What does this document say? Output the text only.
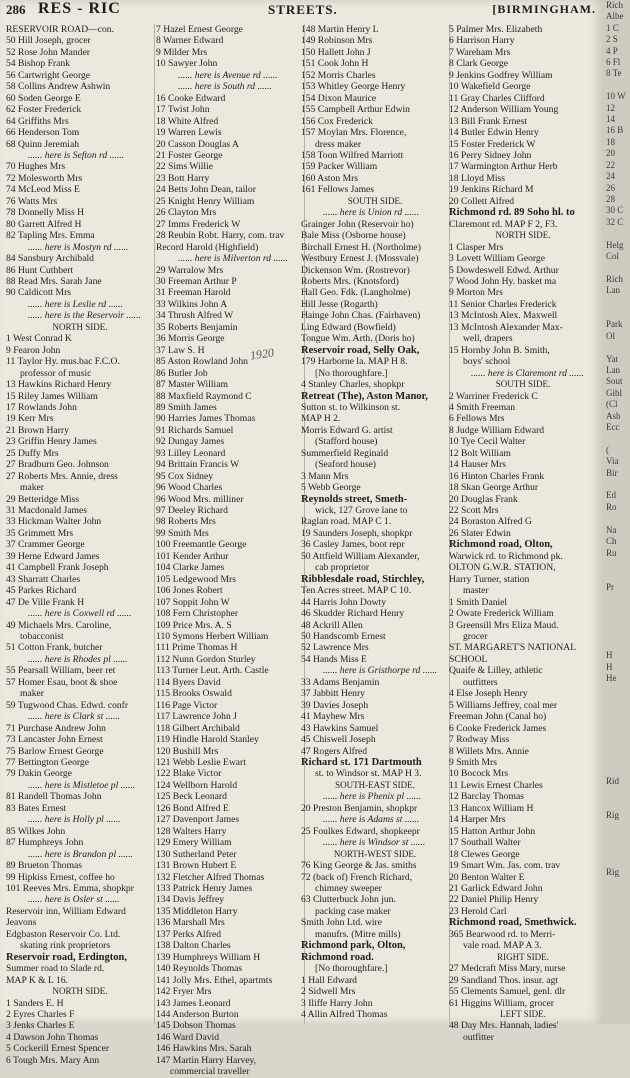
286 RES - RIC	STREETS.	[BIRMINGHAM.
1920
RESERVOIR ROAD—con.
50 Hill Joseph, grocer
52 Rose John Mander
54 Bishop Frank
56 Cartwright George
58 Collins Andrew Ashwin
60 Soden George E
62 Foster Frederick
64 Griffiths Mrs
66 Henderson Tom
68 Quinn Jeremiah
...... here is Sefton rd ......
70 Hughes Mrs
72 Molesworth Mrs
74 McLeod Miss E
76 Watts Mrs
78 Donnelly Miss H
80 Garrett Alfred H
82 Tapling Mrs. Emma
...... here is Mostyn rd ......
84 Sansbury Archibald
86 Hunt Cuthbert
88 Read Mrs. Sarah Jane
90 Caldicott Mrs
...... here is Leslie rd ......
...... here is the Reservoir ......
NORTH SIDE.
1 West Conrad K
9 Fearon John
11 Taylor Hy. mus.bac F.C.O.
professor of music
13 Hawkins Richard Henry
15 Riley James William
17 Rowlands John
19 Kerr Mrs
21 Brown Harry
23 Griffin Henry James
25 Duffy Mrs
27 Bradburn Geo. Johnson
27 Roberts Mrs. Annie, dress
maker
29 Betteridge Miss
31 Macdonald James
33 Hickman Walter John
35 Grimmett Mrs
37 Crammer George
39 Herne Edward James
41 Campbell Frank Joseph
43 Sharratt Charles
45 Parkes Richard
47 De Ville Frank H
...... here is Coxwell rd ......
49 Michaels Mrs. Caroline,
tobacconist
51 Cotton Frank, butcher
...... here is Rhodes pl ......
55 Pearsall William, beer ret
57 Homer Esau, boot & shoe
maker
59 Tugwood Chas. Edwd. confr
...... here is Clark st ......
71 Purchase Andrew John
73 Lancaster John Ernest
75 Barlow Ernest George
77 Bettington George
79 Dakin George
...... here is Mistletoe pl ......
81 Randell Thomas John
83 Bates Ernest
...... here is Holly pl ......
85 Wilkes John
87 Humphreys John
...... here is Brandon pl ......
89 Brueton Thomas
99 Hipkiss Ernest, coffee ho
101 Reeves Mrs. Emma, shopkpr
...... here is Osler st ......
Reservoir inn, William Edward
Jeavons
Edgbaston Reservoir Co. Ltd.
skating rink proprietors
Reservoir road, Erdington,
Summer road to Slade rd.
MAP K & L 16.
NORTH SIDE.
1 Sanders E. H
2 Eyres Charles F
3 Jenks Charles E
4 Dawson John Thomas
5 Cockerill Ernest Spencer
6 Tough Mrs. Mary Ann
7 Hazel Ernest George
8 Warner Edward
9 Milder Mrs
10 Sawyer John
...... here is Avenue rd ......
...... here is South rd ......
16 Cooke Edward
17 Twist John
18 White Alfred
19 Warren Lewis
20 Casson Douglas A
21 Foster George
22 Sims Willie
23 Bott Harry
24 Betts John Dean, tailor
25 Knight Henry William
26 Clayton Mrs
27 Imms Frederick W
28 Reubin Robt. Harry, com. trav
Record Harold (Highfield)
...... here is Milverton rd ......
29 Warralow Mrs
30 Freeman Arthur P
31 Freeman Harold
33 Wilkins John A
34 Thrush Alfred W
35 Roberts Benjamin
36 Morris George
37 Law S. H
85 Aston Rowland John
86 Butler Job
87 Master William
88 Maxfield Raymond C
89 Smith James
90 Harries James Thomas
91 Richards Samuel
92 Dungay James
93 Lilley Leonard
94 Brittain Francis W
95 Cox Sidney
96 Wood Charles
96 Wood Mrs. milliner
97 Deeley Richard
98 Roberts Mrs
99 Smith Mrs
100 Freemantle George
101 Kender Arthur
104 Clarke James
105 Ledgewood Mrs
106 Jones Robert
107 Soppit John W
108 Fern Christopher
109 Price Mrs. A. S
110 Symons Herbert William
111 Prime Thomas H
112 Nunn Gordon Sturley
113 Turner Leut. Arth. Castle
114 Byers David
115 Brooks Oswald
116 Page Victor
117 Lawrence John J
118 Gilbert Archibald
119 Hindle Harold Stanley
120 Bushill Mrs
121 Webb Leslie Ewart
122 Blake Victor
124 Wellborn Harold
125 Beck Leonard
126 Bond Alfred E
127 Davenport James
128 Walters Harry
129 Emery William
130 Sutherland Peter
131 Brown Hubert E
132 Fletcher Alfred Thomas
133 Patrick Henry James
134 Davis Jeffrey
135 Middleton Harry
136 Marshall Mrs
137 Perks Alfred
138 Dalton Charles
139 Humphreys William H
140 Reynolds Thomas
141 Jolly Mrs. Ethel, apartmts
142 Fryer Mrs
143 James Leonard
144 Anderson Burton
145 Dobson Thomas
146 Ward David
146 Hawkins Mrs. Sarah
147 Martin Harry Harvey,
commercial traveller
148 Martin Henry L
149 Robinson Mrs
150 Hallett John J
151 Cook John H
152 Morris Charles
153 Whitley George Henry
154 Dixon Maurice
155 Campbell Arthur Edwin
156 Cox Frederick
157 Moylan Mrs. Florence,
dress maker
158 Toon Wilfred Marriott
159 Packer William
160 Aston Mrs
161 Fellows James
SOUTH SIDE.
...... here is Union rd ......
Grainger John (Reservoir ho)
Bale Miss (Osborne house)
Birchall Ernest H. (Northolme)
Westbury Ernest J. (Mossvale)
Dickenson Wm. (Rostrevor)
Roberts Mrs. (Knotsford)
Hall Geo. Fdk. (Langholme)
Hill Jesse (Rogarth)
Hainge John Chas. (Fairhaven)
Ling Edward (Bowfield)
Tongue Wm. Arth. (Doris ho)
Reservoir road, Selly Oak,
179 Harborne la. MAP H 8.
[No thoroughfare.]
4 Stanley Charles, shopkpr
Retreat (The), Aston Manor,
Sutton st. to Wilkinson st.
MAP H 2.
Morris Edward G. artist
(Stafford house)
Summerfield Reginald
(Seaford house)
3 Mann Mrs
5 Webb George
Reynolds street, Smeth-
wick, 127 Grove lane to
Raglan road. MAP C 1.
19 Saunders Joseph, shopkpr
36 Casley James, boot repr
50 Attfield William Alexander,
cab proprietor
Ribblesdale road, Stirchley,
Ten Acres street. MAP C 10.
44 Harris John Dowty
46 Skudder Richard Henry
48 Ackrill Allen
50 Handscomb Ernest
52 Lawrence Mrs
54 Hands Miss E
...... here is Gristhorpe rd ......
33 Adams Benjamin
37 Jabbitt Henry
39 Davies Joseph
41 Mayhew Mrs
43 Hawkins Samuel
45 Chiswell Joseph
47 Rogers Alfred
Richard st. 171 Dartmouth
st. to Windsor st. MAP H 3.
SOUTH-EAST SIDE.
...... here is Phenix pl ......
20 Preston Benjamin, shopkpr
...... here is Adams st ......
25 Foulkes Edward, shopkeepr
...... here is Windsor st ......
NORTH-WEST SIDE.
76 King George & Jas. smiths
72 (back of) French Richard,
chimney sweeper
63 Clutterbuck John jun.
packing case maker
Smith John Ltd. wire
manufrs. (Mitre mills)
Richmond park, Olton,
Richmond road.
[No thoroughfare.]
1 Hall Edward
2 Sidwell Mrs
3 Iliffe Harry John
4 Allin Alfred Thomas
5 Palmer Mrs. Elizabeth
6 Harrison Harry
7 Wareham Mrs
8 Clark George
9 Jenkins Godfrey William
10 Wakefield George
11 Gray Charles Clifford
12 Anderson William Young
13 Bill Frank Ernest
14 Butler Edwin Henry
15 Foster Frederick W
16 Perry Sidney John
17 Warmington Arthur Herb
18 Lloyd Miss
19 Jenkins Richard M
20 Collett Alfred
Richmond rd. 89 Soho hl. to
Claremont rd. MAP F 2, F3.
NORTH SIDE.
1 Clasper Mrs
3 Lovett William George
5 Dowdeswell Edwd. Arthur
7 Wood John Hy. basket ma
9 Morton Mrs
11 Senior Charles Frederick
13 McIntosh Alex. Maxwell
13 McIntosh Alexander Max-
well, drapers
15 Hornby John B. Smith,
boys' school
...... here is Claremont rd ......
SOUTH SIDE.
2 Warriner Frederick C
4 Smith Freeman
6 Fellows Mrs
8 Judge William Edward
10 Tye Cecil Walter
12 Bolt William
14 Hauser Mrs
16 Hinton Charles Frank
18 Skan George Arthur
20 Douglas Frank
22 Scott Mrs
24 Boraston Alfred G
26 Slater Edwin
Richmond road, Olton,
Warwick rd. to Richmond pk.
OLTON G.W.R. STATION,
Harry Turner, station
master
1 Smith Daniel
2 Owate Frederick William
3 Greensill Mrs Eliza Maud.
grocer
ST. MARGARET'S NATIONAL
SCHOOL
Quaife & Lilley, athletic
outfitters
4 Else Joseph Henry
5 Williams Jeffrey, coal mer
Freeman John (Canal ho)
6 Cooke Frederick James
7 Rodway Miss
8 Willets Mrs. Annie
9 Smith Mrs
10 Bocock Mrs
11 Lewis Ernest Charles
12 Barclay Thomas
13 Hancox William H
14 Harper Mrs
15 Hatton Arthur John
17 Southall Walter
18 Clewes George
19 Smart Wm. Jas. com. trav
20 Benton Walter E
21 Garlick Edward John
22 Daniel Philip Henry
23 Herold Carl
Richmond road, Smethwick.
365 Bearwood rd. to Merri-
vale road. MAP A 3.
RIGHT SIDE.
27 Medcraft Miss Mary, nurse
29 Sandland Thos. insur. agt
55 Clements Samuel, genl. dlr
61 Higgins William, grocer
LEFT SIDE.
48 Day Mrs. Hannah, ladies'
outfitter
Rich
Albe
1 C
2 S
4 P
6 Fl
8 Te

10 W
12
14
16 B
18
20
22
24
26
28
30 C
32 C

Helg
Col

Rich
Lan

Park
Ol

Yat
Lan
Sout
Gibl
(Cl
Asb
Ecc

(
Via
Bir

Ed
Ro

Na
Ch
Ru

Pr

H
H
He

Rid

Rig

Rig
